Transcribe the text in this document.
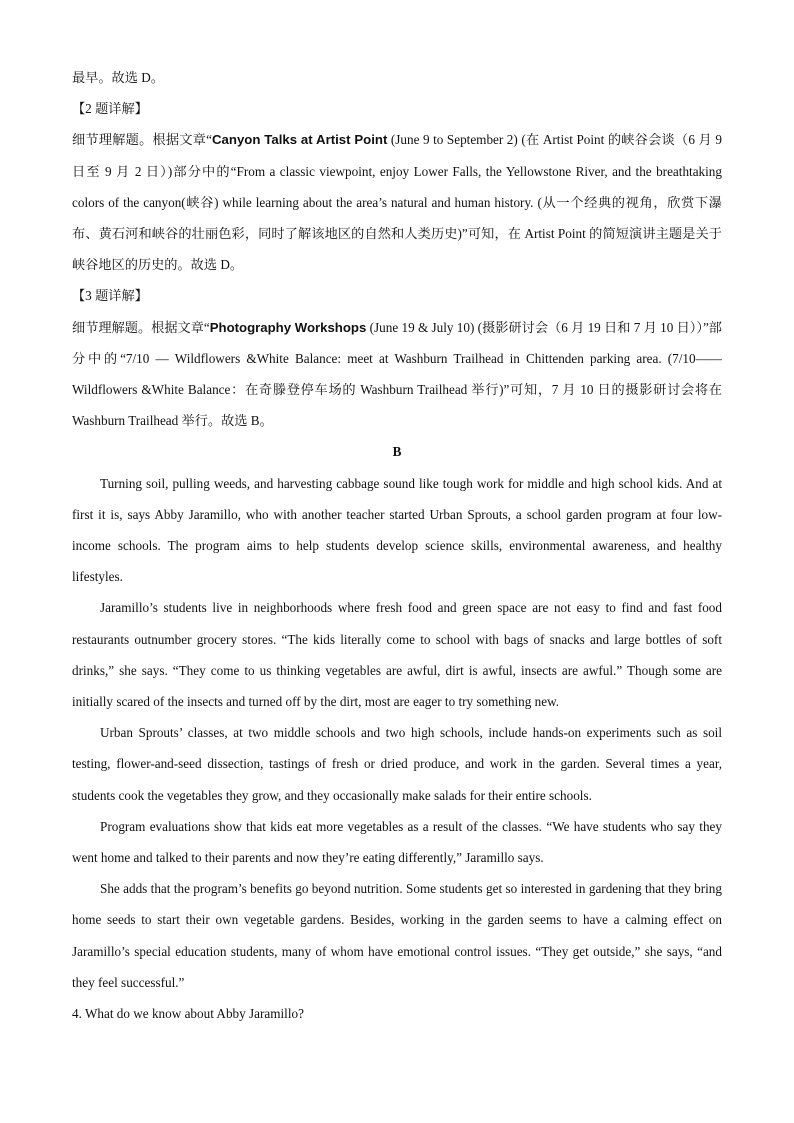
最早。故选 D。

【2 题详解】

细节理解题。根据文章“Canyon Talks at Artist Point (June 9 to September 2) (在 Artist Point 的峡谷会谈（6 月 9 日至 9 月 2 日）)部分中的“From a classic viewpoint, enjoy Lower Falls, the Yellowstone River, and the breathtaking colors of the canyon(峡谷) while learning about the area’s natural and human history. (从一个经典的视角，欣赏下瀑布、黄石河和峡谷的壮丽色彩，同时了解该地区的自然和人类历史)”可知，在 Artist Point 的简短演讲主题是关于峡谷地区的历史的。故选 D。

【3 题详解】

细节理解题。根据文章“Photography Workshops (June 19 & July 10) (摄影研讨会（6 月 19 日和 7 月 10 日））”部分中的“7/10 — Wildflowers &White Balance: meet at Washburn Trailhead in Chittenden parking area. (7/10——Wildflowers &White Balance：在奇滕登停车场的 Washburn Trailhead 举行)”可知，7 月 10 日的摄影研讨会将在 Washburn Trailhead 举行。故选 B。

B

Turning soil, pulling weeds, and harvesting cabbage sound like tough work for middle and high school kids. And at first it is, says Abby Jaramillo, who with another teacher started Urban Sprouts, a school garden program at four low-income schools. The program aims to help students develop science skills, environmental awareness, and healthy lifestyles.

Jaramillo’s students live in neighborhoods where fresh food and green space are not easy to find and fast food restaurants outnumber grocery stores. “The kids literally come to school with bags of snacks and large bottles of soft drinks,” she says. “They come to us thinking vegetables are awful, dirt is awful, insects are awful.” Though some are initially scared of the insects and turned off by the dirt, most are eager to try something new.

Urban Sprouts’ classes, at two middle schools and two high schools, include hands-on experiments such as soil testing, flower-and-seed dissection, tastings of fresh or dried produce, and work in the garden. Several times a year, students cook the vegetables they grow, and they occasionally make salads for their entire schools.

Program evaluations show that kids eat more vegetables as a result of the classes. “We have students who say they went home and talked to their parents and now they’re eating differently,” Jaramillo says.

She adds that the program’s benefits go beyond nutrition. Some students get so interested in gardening that they bring home seeds to start their own vegetable gardens. Besides, working in the garden seems to have a calming effect on Jaramillo’s special education students, many of whom have emotional control issues. “They get outside,” she says, “and they feel successful.”

4. What do we know about Abby Jaramillo?
